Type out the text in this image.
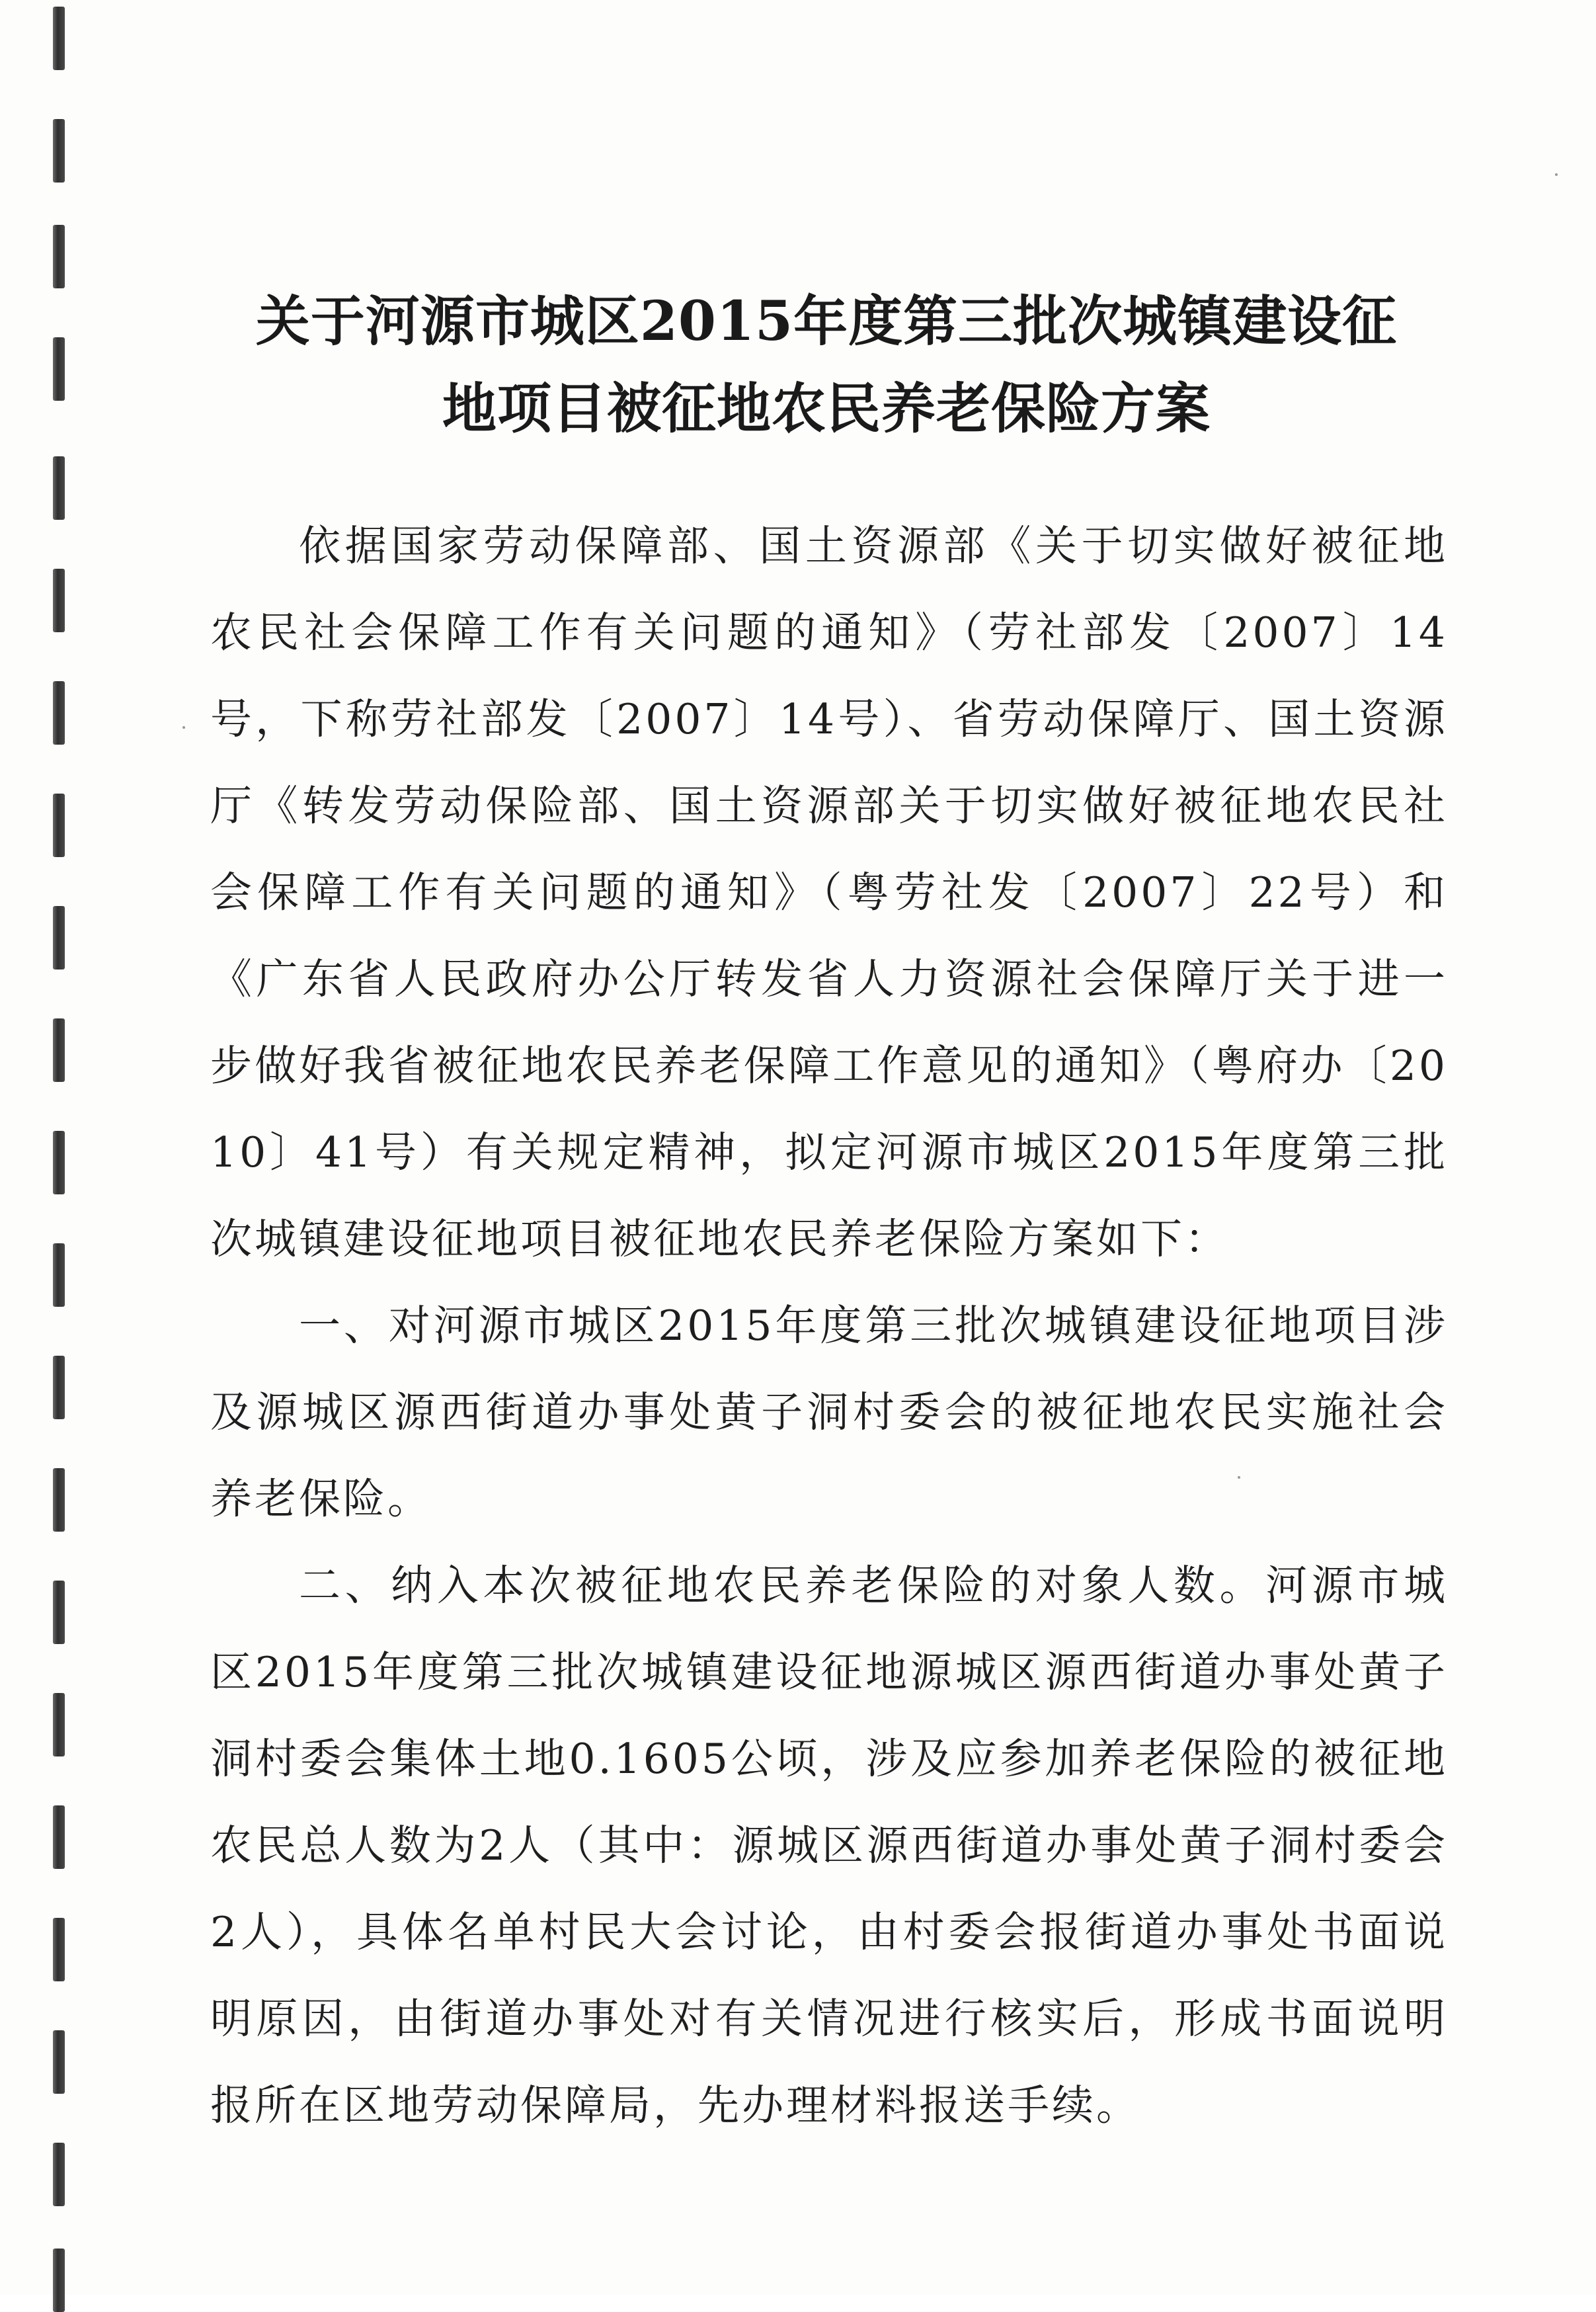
关于河源市城区2015年度第三批次城镇建设征
地项目被征地农民养老保险方案

依据国家劳动保障部、国土资源部《关于切实做好被征地农民社会保障工作有关问题的通知》（劳社部发〔2007〕14号，下称劳社部发〔2007〕14号）、省劳动保障厅、国土资源厅《转发劳动保险部、国土资源部关于切实做好被征地农民社会保障工作有关问题的通知》（粤劳社发〔2007〕22号）和《广东省人民政府办公厅转发省人力资源社会保障厅关于进一步做好我省被征地农民养老保障工作意见的通知》（粤府办〔2010〕41号）有关规定精神，拟定河源市城区2015年度第三批次城镇建设征地项目被征地农民养老保险方案如下：

一、对河源市城区2015年度第三批次城镇建设征地项目涉及源城区源西街道办事处黄子洞村委会的被征地农民实施社会养老保险。

二、纳入本次被征地农民养老保险的对象人数。河源市城区2015年度第三批次城镇建设征地源城区源西街道办事处黄子洞村委会集体土地0.1605公顷，涉及应参加养老保险的被征地农民总人数为2人（其中：源城区源西街道办事处黄子洞村委会2人），具体名单村民大会讨论，由村委会报街道办事处书面说明原因，由街道办事处对有关情况进行核实后，形成书面说明报所在区地劳动保障局，先办理材料报送手续。
